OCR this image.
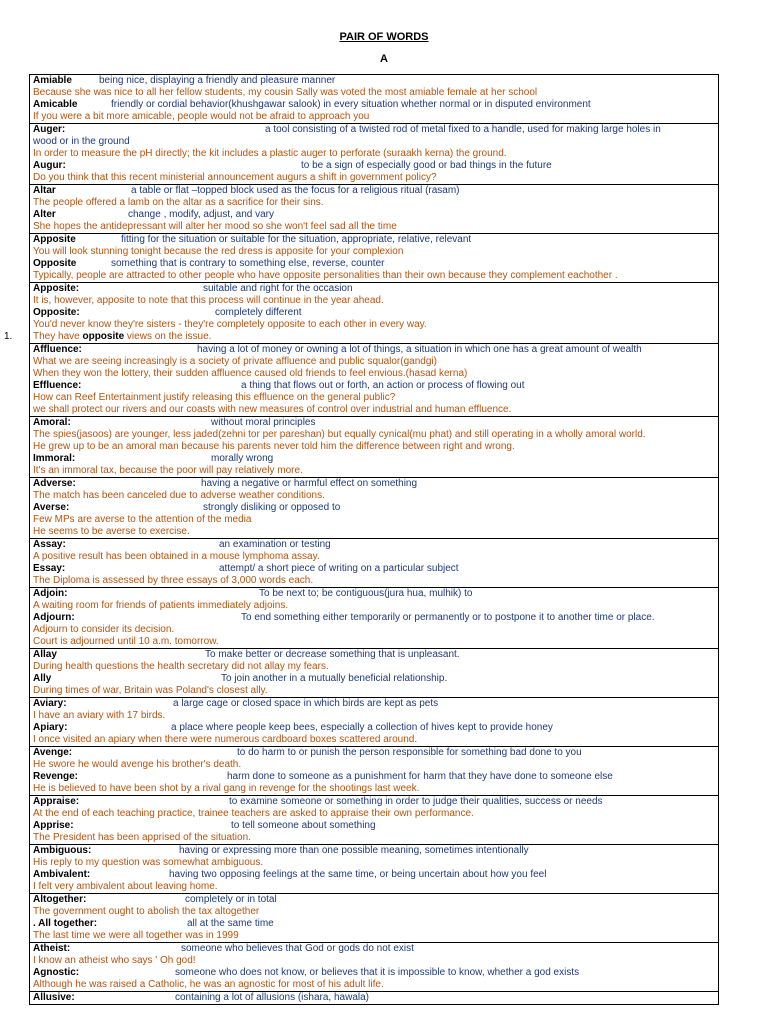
PAIR OF WORDS
A
Amiable	being nice, displaying a friendly and pleasure manner
Because she was nice to all her fellow students, my cousin Sally was voted the most amiable female at her school
Amicable	friendly or cordial behavior(khushgawar salook) in every situation whether normal or in disputed environment
If you were a bit more amicable, people would not be afraid to approach you
Auger:	a tool consisting of a twisted rod of metal fixed to a handle, used for making large holes in
wood or in the ground
In order to measure the pH directly; the kit includes a plastic auger to perforate (suraakh kerna) the ground.
Augur:	to be a sign of especially good or bad things in the future
Do you think that this recent ministerial announcement augurs a shift in government policy?
Altar	a table or flat –topped block used as the focus for a religious ritual (rasam)
The people offered a lamb on the altar as a sacrifice for their sins.
Alter	change , modify, adjust, and vary
She hopes the antidepressant will alter her mood so she won't feel sad all the time
Apposite	fitting for the situation or suitable for the situation, appropriate, relative, relevant
You will look stunning tonight because the red dress is apposite for your complexion
Opposite	something that is contrary to something else, reverse, counter
Typically, people are attracted to other people who have opposite personalities than their own because they complement eachother .
Apposite:	suitable and right for the occasion
It is, however, apposite to note that this process will continue in the year ahead.
Opposite:	completely different
You'd never know they're sisters - they're completely opposite to each other in every way.
1. They have opposite views on the issue.
Affluence:	having a lot of money or owning a lot of things, a situation in which one has a great amount of wealth
What we are seeing increasingly is a society of private affluence and public squalor(gandgi)
When they won the lottery, their sudden affluence caused old friends to feel envious.(hasad kerna)
Effluence:	a thing that flows out or forth, an action or process of flowing out
How can Reef Entertainment justify releasing this effluence on the general public?
we shall protect our rivers and our coasts with new measures of control over industrial and human effluence.
Amoral:	without moral principles
The spies(jasoos) are younger, less jaded(zehni tor per pareshan) but equally cynical(mu phat) and still operating in a wholly amoral world.
He grew up to be an amoral man because his parents never told him the difference between right and wrong.
Immoral:	morally wrong
It's an immoral tax, because the poor will pay relatively more.
Adverse:	having a negative or harmful effect on something
The match has been canceled due to adverse weather conditions.
Averse:	strongly disliking or opposed to
Few MPs are averse to the attention of the media
He seems to be averse to exercise.
Assay:	an examination or testing
A positive result has been obtained in a mouse lymphoma assay.
Essay:	attempt/ a short piece of writing on a particular subject
The Diploma is assessed by three essays of 3,000 words each.
Adjoin:	To be next to; be contiguous(jura hua, mulhik) to
A waiting room for friends of patients immediately adjoins.
Adjourn:	To end something either temporarily or permanently or to postpone it to another time or place.
Adjourn to consider its decision.
Court is adjourned until 10 a.m. tomorrow.
Allay	To make better or decrease something that is unpleasant.
During health questions the health secretary did not allay my fears.
Ally	To join another in a mutually beneficial relationship.
During times of war, Britain was Poland's closest ally.
Aviary:	a large cage or closed space in which birds are kept as pets
I have an aviary with 17 birds.
Apiary:	a place where people keep bees, especially a collection of hives kept to provide honey
I once visited an apiary when there were numerous cardboard boxes scattered around.
Avenge:	to do harm to or punish the person responsible for something bad done to you
He swore he would avenge his brother's death.
Revenge:	harm done to someone as a punishment for harm that they have done to someone else
He is believed to have been shot by a rival gang in revenge for the shootings last week.
Appraise:	to examine someone or something in order to judge their qualities, success or needs
At the end of each teaching practice, trainee teachers are asked to appraise their own performance.
Apprise:	to tell someone about something
The President has been apprised of the situation.
Ambiguous:	having or expressing more than one possible meaning, sometimes intentionally
His reply to my question was somewhat ambiguous.
Ambivalent:	having two opposing feelings at the same time, or being uncertain about how you feel
I felt very ambivalent about leaving home.
Altogether:	completely or in total
The government ought to abolish the tax altogether
. All together:	all at the same time
The last time we were all together was in 1999
Atheist:	someone who believes that God or gods do not exist
I know an atheist who says ' Oh god!
Agnostic:	someone who does not know, or believes that it is impossible to know, whether a god exists
Although he was raised a Catholic, he was an agnostic for most of his adult life.
Allusive:	containing a lot of allusions (ishara, hawala)
